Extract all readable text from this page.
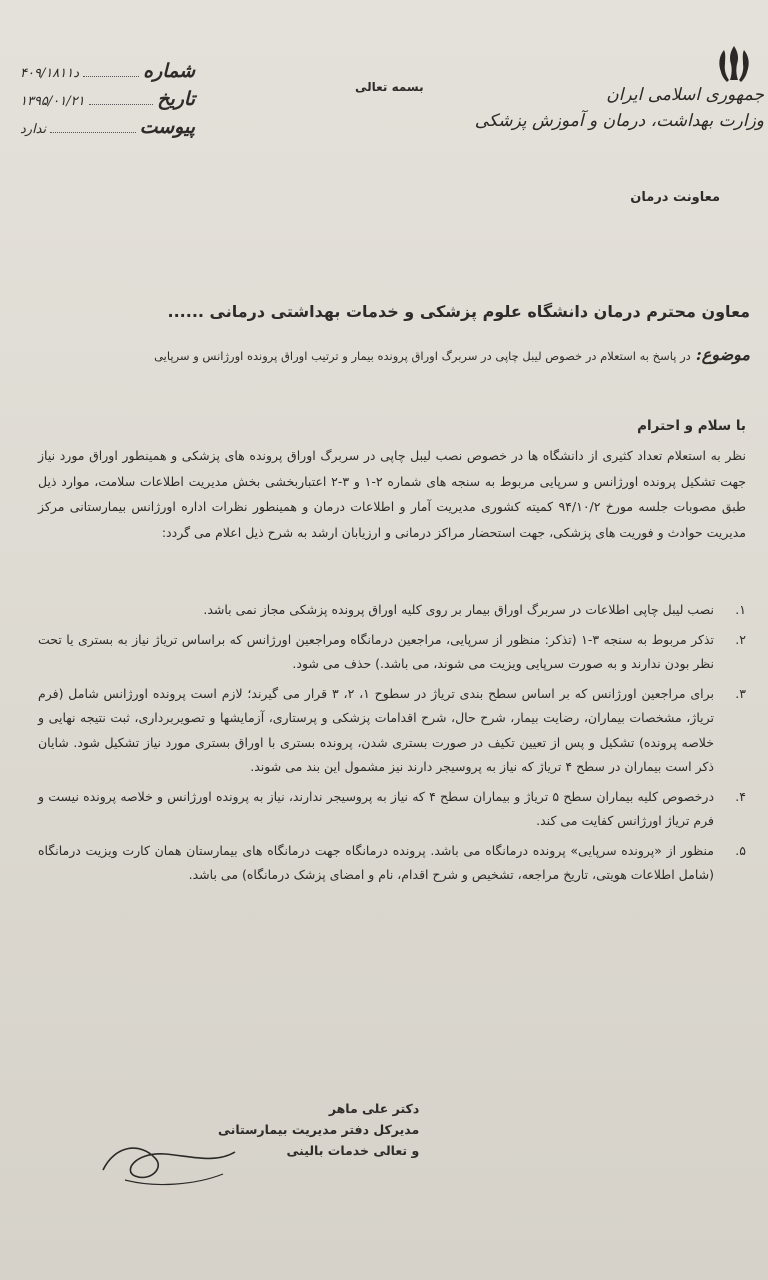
جمهوری اسلامی ایران
وزارت بهداشت، درمان و آموزش پزشکی
معاونت درمان
بسمه تعالی
شماره
۴۰۹/۱۸۱۱د
تاریخ
۱۳۹۵/۰۱/۲۱
پیوست
ندارد
معاون محترم درمان دانشگاه علوم پزشکی و خدمات بهداشتی درمانی ......
موضوع: در پاسخ به استعلام در خصوص لیبل چاپی در سربرگ اوراق پرونده بیمار و ترتیب اوراق پرونده اورژانس و سرپایی
با سلام و احترام

نظر به استعلام تعداد کثیری از دانشگاه ها در خصوص نصب لیبل چاپی در سربرگ اوراق پرونده های پزشکی و همینطور اوراق مورد نیاز جهت تشکیل پرونده اورژانس و سرپایی مربوط به سنجه های شماره ۲-۱ و ۳-۲ اعتباربخشی بخش مدیریت اطلاعات سلامت، موارد ذیل طبق مصوبات جلسه مورخ ۹۴/۱۰/۲ کمیته کشوری مدیریت آمار و اطلاعات درمان و همینطور نظرات اداره اورژانس بیمارستانی مرکز مدیریت حوادث و فوریت های پزشکی، جهت استحضار مراکز درمانی و ارزیابان ارشد به شرح ذیل اعلام می گردد:

۱.
نصب لیبل چاپی اطلاعات در سربرگ اوراق بیمار بر روی کلیه اوراق پرونده پزشکی مجاز نمی باشد.
۲.
تذکر مربوط به سنجه ۳-۱ (تذکر: منظور از سرپایی، مراجعین درمانگاه ومراجعین اورژانس که براساس تریاژ نیاز به بستری یا تحت نظر بودن ندارند و به صورت سرپایی ویزیت می شوند، می باشد.) حذف می شود.
۳.
برای مراجعین اورژانس که بر اساس سطح بندی تریاژ در سطوح ۱، ۲، ۳ قرار می گیرند؛ لازم است پرونده اورژانس شامل (فرم تریاژ، مشخصات بیماران، رضایت بیمار، شرح حال، شرح اقدامات پزشکی و پرستاری، آزمایشها و تصویربرداری، ثبت نتیجه نهایی و خلاصه پرونده) تشکیل و پس از تعیین تکیف در صورت بستری شدن، پرونده بستری با اوراق بستری مورد نیاز تشکیل شود. شایان ذکر است بیماران در سطح ۴ تریاژ که نیاز به پروسیجر دارند نیز مشمول این بند می شوند.
۴.
درخصوص کلیه بیماران سطح ۵ تریاژ و بیماران سطح ۴ که نیاز به پروسیجر ندارند، نیاز به پرونده اورژانس و خلاصه پرونده نیست و فرم تریاژ اورژانس کفایت می کند.
۵.
منظور از «پرونده سرپایی» پرونده درمانگاه می باشد. پرونده درمانگاه جهت درمانگاه های بیمارستان همان کارت ویزیت درمانگاه (شامل اطلاعات هویتی، تاریخ مراجعه، تشخیص و شرح اقدام، نام و امضای پزشک درمانگاه) می باشد.
دکتر علی ماهر
مدیرکل دفتر مدیریت بیمارستانی
و تعالی خدمات بالینی
